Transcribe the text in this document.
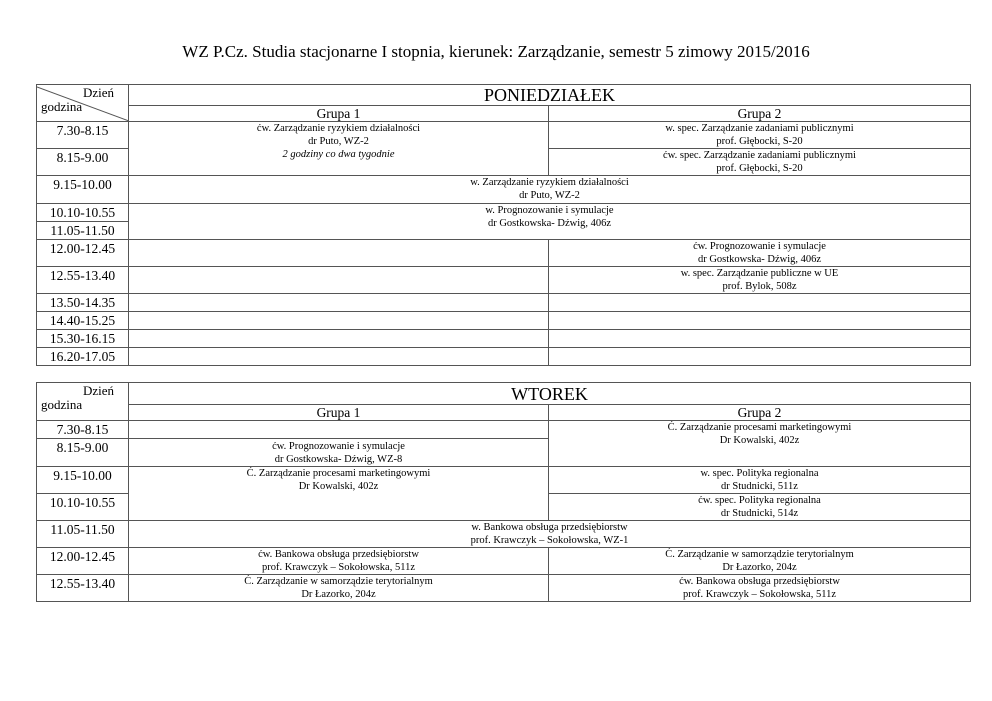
WZ P.Cz. Studia stacjonarne I stopnia, kierunek: Zarządzanie, semestr 5 zimowy 2015/2016
Dzień
godzina	PONIEDZIAŁEK	
	Grupa 1	Grupa 2
7.30-8.15	ćw. Zarządzanie ryzykiem działalności
dr Puto, WZ-2
2 godziny co dwa tygodnie	w. spec. Zarządzanie zadaniami publicznymi
prof. Głębocki, S-20

8.15-9.00		ćw. spec. Zarządzanie zadaniami publicznymi
prof. Głębocki, S-20

9.15-10.00	w. Zarządzanie ryzykiem działalności
dr Puto, WZ-2	

10.10-10.55	w. Prognozowanie i symulacje
dr Gostkowska- Dźwig, 406z	

11.05-11.50		
12.00-12.45		ćw. Prognozowanie i symulacje
dr Gostkowska- Dźwig, 406z

12.55-13.40		w. spec. Zarządzanie publiczne w UE
prof. Bylok, 508z

13.50-14.35		
14.40-15.25		
15.30-16.15		
16.20-17.05		
Dzień
godzina	WTOREK	
	Grupa 1	Grupa 2
7.30-8.15		Ć. Zarządzanie procesami marketingowymi
Dr Kowalski, 402z

8.15-9.00	ćw. Prognozowanie i symulacje
dr Gostkowska- Dźwig, WZ-8	

9.15-10.00	Ć. Zarządzanie procesami marketingowymi
Dr Kowalski, 402z	w. spec. Polityka regionalna
dr Studnicki, 511z

10.10-10.55		ćw. spec. Polityka regionalna
dr Studnicki, 514z

11.05-11.50	w. Bankowa obsługa przedsiębiorstw
prof. Krawczyk – Sokołowska, WZ-1	

12.00-12.45	ćw. Bankowa obsługa przedsiębiorstw
prof. Krawczyk – Sokołowska, 511z	Ć. Zarządzanie w samorządzie terytorialnym
Dr Łazorko, 204z

12.55-13.40	Ć. Zarządzanie w samorządzie terytorialnym
Dr Łazorko, 204z	ćw. Bankowa obsługa przedsiębiorstw
prof. Krawczyk – Sokołowska, 511z
